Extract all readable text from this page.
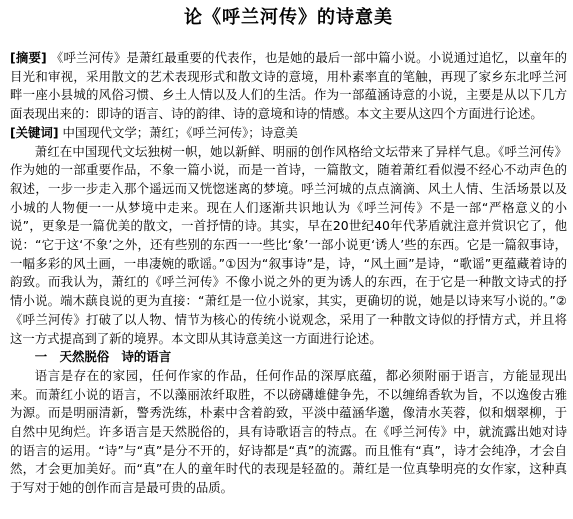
论《呼兰河传》的诗意美

[摘要] 《呼兰河传》是萧红最重要的代表作，也是她的最后一部中篇小说。小说通过追忆，以童年的目光和审视，采用散文的艺术表现形式和散文诗的意境，用朴素率直的笔触，再现了家乡东北呼兰河畔一座小县城的风俗习惯、乡土人情以及人们的生活。作为一部蕴涵诗意的小说，主要是从以下几方面表现出来的：即诗的语言、诗的韵律、诗的意境和诗的情感。本文主要从这四个方面进行论述。

[关键词] 中国现代文学；萧红；《呼兰河传》；诗意美

萧红在中国现代文坛独树一帜，她以新鲜、明丽的创作风格给文坛带来了异样气息。《呼兰河传》作为她的一部重要作品，不象一篇小说，而是一首诗，一篇散文，随着萧红看似漫不经心不动声色的叙述，一步一步走入那个遥远而又恍惚迷离的梦境。呼兰河城的点点滴滴、风土人情、生活场景以及小城的人物便一一从梦境中走来。现在人们逐渐共识地认为《呼兰河传》不是一部“严格意义的小说”，更象是一篇优美的散文，一首抒情的诗。其实，早在20世纪40年代茅盾就注意并赏识它了，他说：“它于这‘不象’之外，还有些别的东西一一些比‘象’一部小说更‘诱人’些的东西。它是一篇叙事诗，一幅多彩的风土画，一串凄婉的歌谣。”①因为“叙事诗”是，诗，“风土画”是诗，“歌谣”更蕴藏着诗的韵致。而我认为，萧红的《呼兰河传》不像小说之外的更为诱人的东西，在于它是一种散文诗式的抒情小说。端木蕻良说的更为直接：“萧红是一位小说家，其实，更确切的说，她是以诗来写小说的。”②《呼兰河传》打破了以人物、情节为核心的传统小说观念，采用了一种散文诗似的抒情方式，并且将这一方式提高到了新的境界。本文即从其诗意美这一方面进行论述。

一　天然脱俗　诗的语言

语言是存在的家园，任何作家的作品，任何作品的深厚底蕴，都必须附丽于语言，方能显现出来。而萧红小说的语言，不以藻丽浓纤取胜，不以磅礴雄健争先，不以缠绵香软为旨，不以逸俊古雅为源。而是明丽清新，警秀洗练，朴素中含着韵致，平淡中蕴涵华邈，像清水芙蓉，似和烟翠柳，于自然中见绚烂。许多语言是天然脱俗的，具有诗歌语言的特点。在《呼兰河传》中，就流露出她对诗的语言的运用。“诗”与“真”是分不开的，好诗都是“真”的流露。而且惟有“真”，诗才会纯净，才会自然，才会更加美好。而“真”在人的童年时代的表现是轻盈的。萧红是一位真挚明亮的女作家，这种真于写对于她的创作而言是最可贵的品质。
